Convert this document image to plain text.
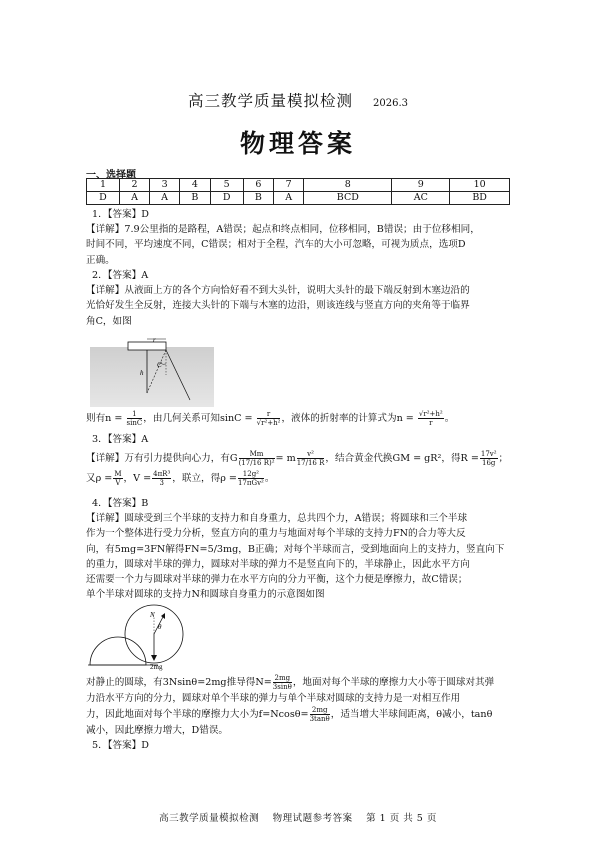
高三教学质量模拟检测 2026.3
物理答案
一、选择题
1	2	3	4	5	6	7	8	9	10
D	A	A	B	D	B	A	BCD	AC	BD
1．【答案】D
【详解】7.9公里指的是路程，A错误；起点和终点相同，位移相同，B错误；由于位移相同，
时间不同，平均速度不同，C错误；相对于全程，汽车的大小可忽略，可视为质点，选项D
正确。
2．【答案】A
【详解】从液面上方的各个方向恰好看不到大头针，说明大头针的最下端反射到木塞边沿的
光恰好发生全反射，连接大头针的下端与木塞的边沿，则该连线与竖直方向的夹角等于临界
角C，如图
r
C
h
则有$n = \frac{1}{\sin C}$ ，由几何关系可知$\sin C = \frac{r}{\text{√r²+h²}}$ ，液体的折射率的计算式为$n = \frac{\text{√r²+h²}}{r}$ 。
3．【答案】A
【详解】万有引力提供向心力，有G $\frac{Mm}{\text{(17/16 R)²}} = m \frac{\text{v²}}{17/16 R}$ ，结合黄金代换GM = gR²，得$R = \frac{\text{17v²}}{16g}$ ；
又$\rho = \frac{M}{V}$ ，$V = \frac{\text{4πR³}}{3}$ ，联立，得$\rho = \frac{\text{12g²}}{\text{17πGv²}}$ 。
4．【答案】B
【详解】圆球受到三个半球的支持力和自身重力，总共四个力，A错误；将圆球和三个半球
作为一个整体进行受力分析，竖直方向的重力与地面对每个半球的支持力FN的合力等大反
向，有5mg=3FN解得FN=5/3mg，B正确；对每个半球而言，受到地面向上的支持力，竖直向下
的重力，圆球对半球的弹力，圆球对半球的弹力不是竖直向下的，半球静止，因此水平方向
还需要一个力与圆球对半球的弹力在水平方向的分力平衡，这个力便是摩擦力，故C错误；
单个半球对圆球的支持力N和圆球自身重力的示意图如图
N
θ
2mg
对静止的圆球，有3Nsinθ=2mg推导得$N= \frac{2mg}{3\sin\theta}$ ，地面对每个半球的摩擦力大小等于圆球对其弹
力沿水平方向的分力，圆球对单个半球的弹力与单个半球对圆球的支持力是一对相互作用
力，因此地面对每个半球的摩擦力大小为$f=Ncos\theta= \frac{2mg}{3\tan\theta}$ ，适当增大半球间距离，θ减小，tanθ
减小，因此摩擦力增大，D错误。
5．【答案】D
高三教学质量模拟检测　 物理试题参考答案　 第 1 页 共 5 页
